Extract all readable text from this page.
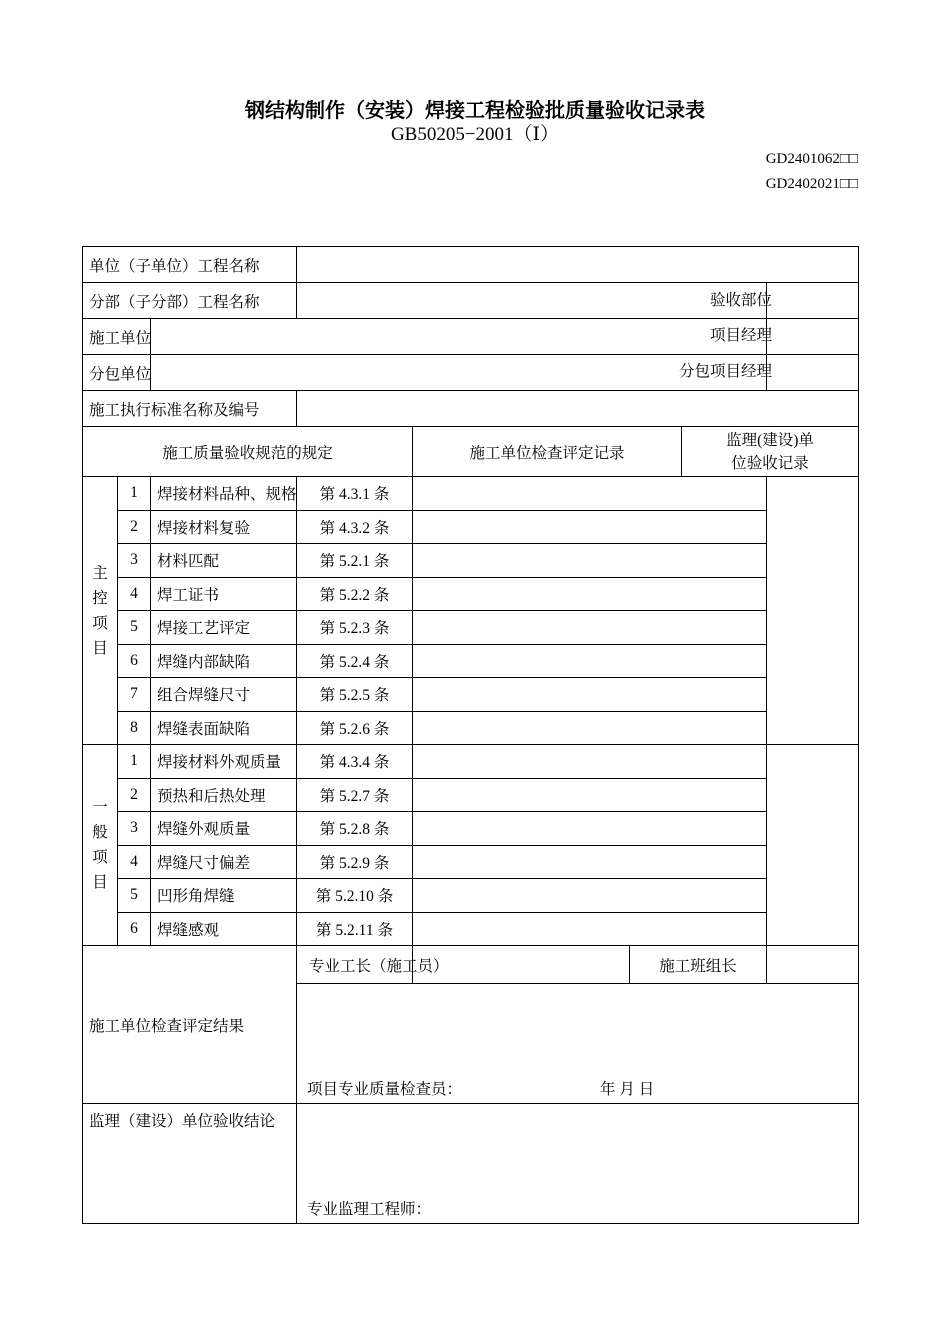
钢结构制作（安装）焊接工程检验批质量验收记录表
GB50205−2001（Ⅰ）
GD2401062□□
GD2402021□□
单位（子单位）工程名称							
分部（子分部）工程名称							验收部位

施工单位							项目经理

分包单位							分包项目经理

施工执行标准名称及编号							
施工质量验收规范的规定				施工单位检查评定记录		监理(建设)单
位验收记录	
主
控
项
目	1	焊接材料品种、规格	第 4.3.1 条				
	2	焊接材料复验	第 4.3.2 条				
	3	材料匹配	第 5.2.1 条				
	4	焊工证书	第 5.2.2 条				
	5	焊接工艺评定	第 5.2.3 条				
	6	焊缝内部缺陷	第 5.2.4 条				
	7	组合焊缝尺寸	第 5.2.5 条				
	8	焊缝表面缺陷	第 5.2.6 条				
一
般
项
目	1	焊接材料外观质量	第 4.3.4 条				
	2	预热和后热处理	第 5.2.7 条				
	3	焊缝外观质量	第 5.2.8 条				
	4	焊缝尺寸偏差	第 5.2.9 条				
	5	凹形角焊缝	第 5.2.10 条				
	6	焊缝感观	第 5.2.11 条				
施工单位检查评定结果			专业工长（施工员）		施工班组长		
			项目专业质量检查员： 年 月 日				
监理（建设）单位验收结论			专业监理工程师：				
